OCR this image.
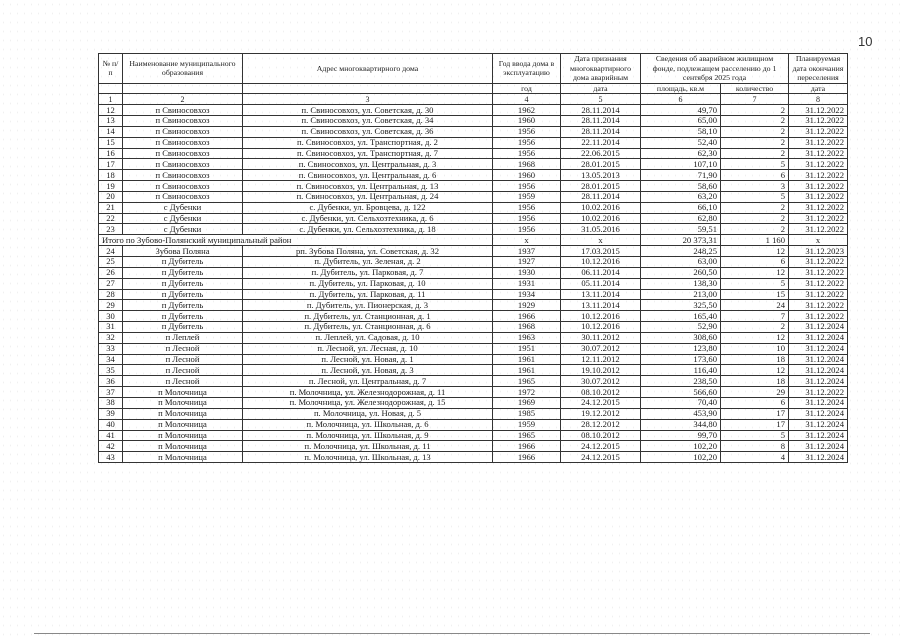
10
№ п/п	Наименование муниципального образования	Адрес многоквартирного дома	Год ввода дома в эксплуатацию	Дата признания многоквартирного дома аварийным	Сведения об аварийном жилищном фонде, подлежащем расселению до 1 сентября 2025 года		Планируемая дата окончания переселения
			год	дата	площадь, кв.м	количество	дата
1	2	3	4	5	6	7	8
12	п Свиносовхоз	п. Свиносовхоз, ул. Советская, д. 30	1962	28.11.2014	49,70	2	31.12.2022
13	п Свиносовхоз	п. Свиносовхоз, ул. Советская, д. 34	1960	28.11.2014	65,00	2	31.12.2022
14	п Свиносовхоз	п. Свиносовхоз, ул. Советская, д. 36	1956	28.11.2014	58,10	2	31.12.2022
15	п Свиносовхоз	п. Свиносовхоз, ул. Транспортная, д. 2	1956	22.11.2014	52,40	2	31.12.2022
16	п Свиносовхоз	п. Свиносовхоз, ул. Транспортная, д. 7	1956	22.06.2015	62,30	2	31.12.2022
17	п Свиносовхоз	п. Свиносовхоз, ул. Центральная, д. 3	1968	28.01.2015	107,10	5	31.12.2022
18	п Свиносовхоз	п. Свиносовхоз, ул. Центральная, д. 6	1960	13.05.2013	71,90	6	31.12.2022
19	п Свиносовхоз	п. Свиносовхоз, ул. Центральная, д. 13	1956	28.01.2015	58,60	3	31.12.2022
20	п Свиносовхоз	п. Свиносовхоз, ул. Центральная, д. 24	1959	28.11.2014	63,20	5	31.12.2022
21	с Дубенки	с. Дубенки, ул. Бровцева, д. 122	1956	10.02.2016	66,10	2	31.12.2022
22	с Дубенки	с. Дубенки, ул. Сельхозтехника, д. 6	1956	10.02.2016	62,80	2	31.12.2022
23	с Дубенки	с. Дубенки, ул. Сельхозтехника, д. 18	1956	31.05.2016	59,51	2	31.12.2022
Итого по Зубово-Полянский муниципальный район			x	x	20 373,31	1 160	x
24	Зубова Поляна	рп. Зубова Поляна, ул. Советская, д. 32	1937	17.03.2015	248,25	12	31.12.2023
25	п Дубитель	п. Дубитель, ул. Зеленая, д. 2	1927	10.12.2016	63,00	6	31.12.2022
26	п Дубитель	п. Дубитель, ул. Парковая, д. 7	1930	06.11.2014	260,50	12	31.12.2022
27	п Дубитель	п. Дубитель, ул. Парковая, д. 10	1931	05.11.2014	138,30	5	31.12.2022
28	п Дубитель	п. Дубитель, ул. Парковая, д. 11	1934	13.11.2014	213,00	15	31.12.2022
29	п Дубитель	п. Дубитель, ул. Пионерская, д. 3	1929	13.11.2014	325,50	24	31.12.2022
30	п Дубитель	п. Дубитель, ул. Станционная, д. 1	1966	10.12.2016	165,40	7	31.12.2022
31	п Дубитель	п. Дубитель, ул. Станционная, д. 6	1968	10.12.2016	52,90	2	31.12.2024
32	п Леплей	п. Леплей, ул. Садовая, д. 10	1963	30.11.2012	308,60	12	31.12.2024
33	п Лесной	п. Лесной, ул. Лесная, д. 10	1951	30.07.2012	123,80	10	31.12.2024
34	п Лесной	п. Лесной, ул. Новая, д. 1	1961	12.11.2012	173,60	18	31.12.2024
35	п Лесной	п. Лесной, ул. Новая, д. 3	1961	19.10.2012	116,40	12	31.12.2024
36	п Лесной	п. Лесной, ул. Центральная, д. 7	1965	30.07.2012	238,50	18	31.12.2024
37	п Молочница	п. Молочница, ул. Железнодорожная, д. 11	1972	08.10.2012	566,60	29	31.12.2022
38	п Молочница	п. Молочница, ул. Железнодорожная, д. 15	1969	24.12.2015	70,40	6	31.12.2024
39	п Молочница	п. Молочница, ул. Новая, д. 5	1985	19.12.2012	453,90	17	31.12.2024
40	п Молочница	п. Молочница, ул. Школьная, д. 6	1959	28.12.2012	344,80	17	31.12.2024
41	п Молочница	п. Молочница, ул. Школьная, д. 9	1965	08.10.2012	99,70	5	31.12.2024
42	п Молочница	п. Молочница, ул. Школьная, д. 11	1966	24.12.2015	102,20	8	31.12.2024
43	п Молочница	п. Молочница, ул. Школьная, д. 13	1966	24.12.2015	102,20	4	31.12.2024
